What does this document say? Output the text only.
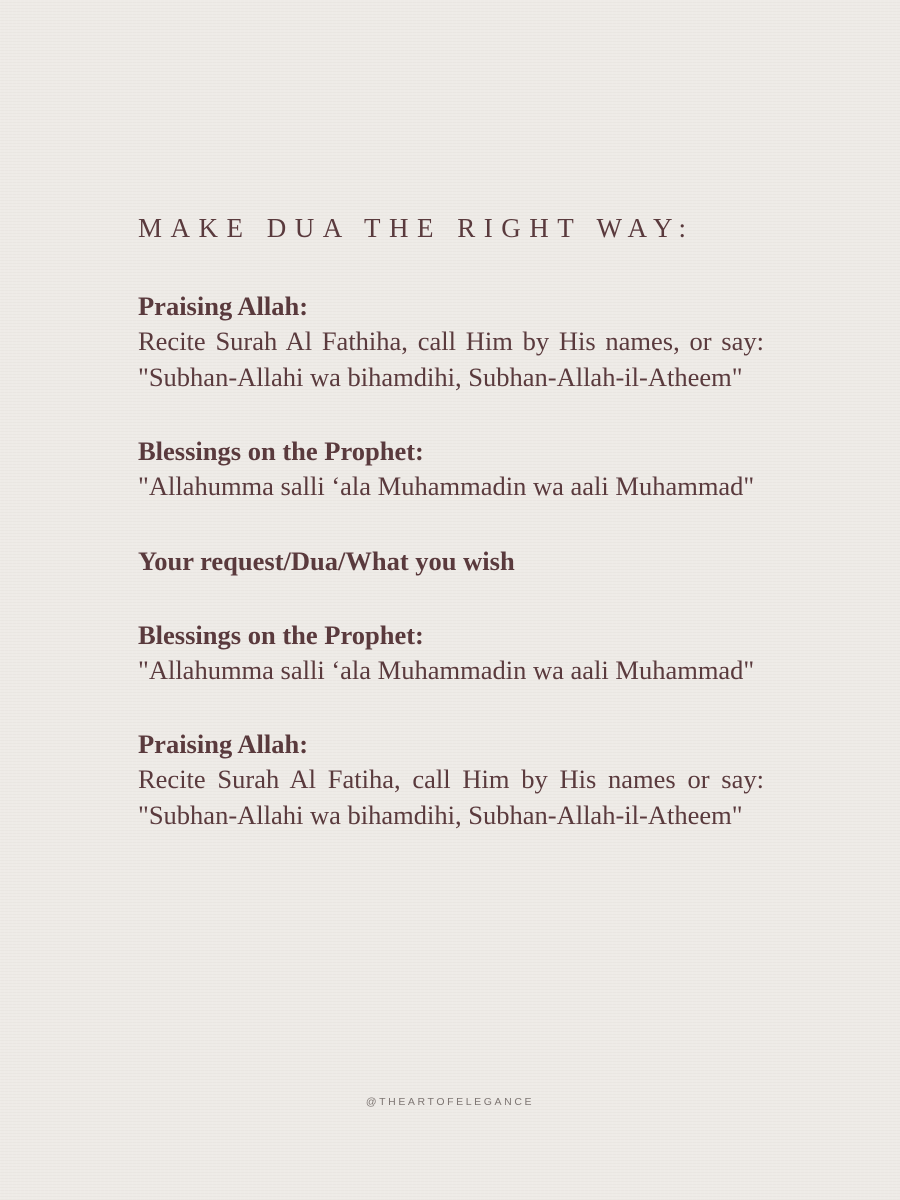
MAKE DUA THE RIGHT WAY:

Praising Allah:

Recite Surah Al Fathiha, call Him by His names, or say: "Subhan-Allahi wa bihamdihi, Subhan-Allah-il-Atheem"

Blessings on the Prophet:

"Allahumma salli ‘ala Muhammadin wa aali Muhammad"

Your request/Dua/What you wish

Blessings on the Prophet:

"Allahumma salli ‘ala Muhammadin wa aali Muhammad"

Praising Allah:

Recite Surah Al Fatiha, call Him by His names or say: "Subhan-Allahi wa bihamdihi, Subhan-Allah-il-Atheem"

@THEARTOFELEGANCE
